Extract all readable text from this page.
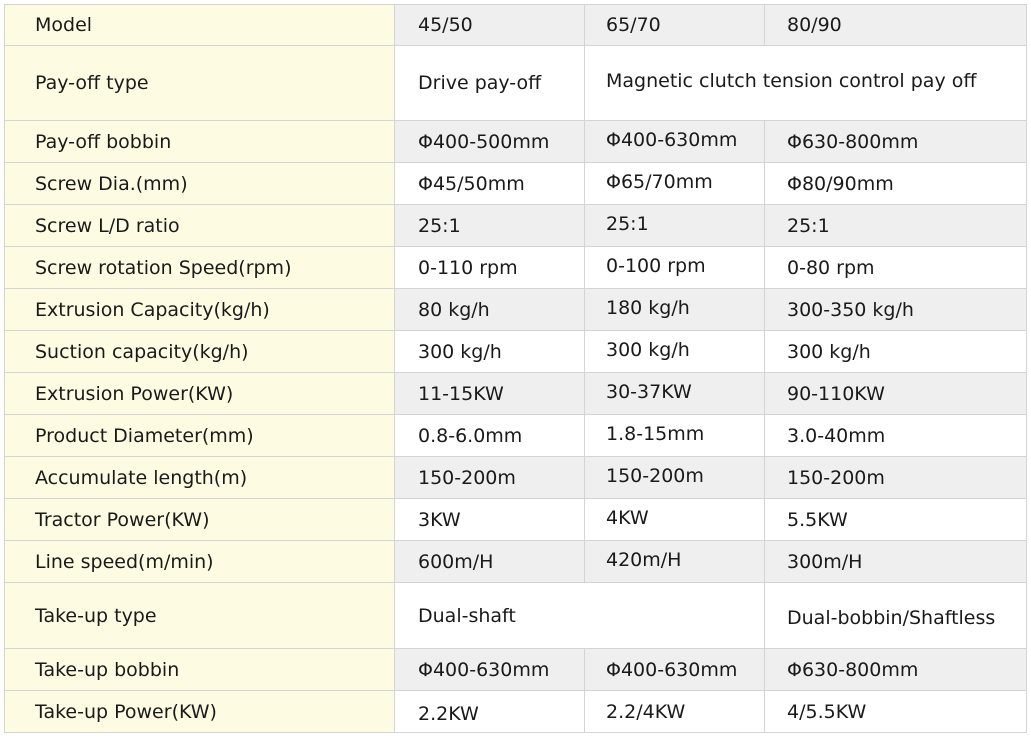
Model	45/50	65/70	80/90
Pay-off type	Drive pay-off	Magnetic clutch tension control pay off	
Pay-off bobbin	Φ400-500mm	Φ400-630mm	Φ630-800mm
Screw Dia.(mm)	Φ45/50mm	Φ65/70mm	Φ80/90mm
Screw L/D ratio	25:1	25:1	25:1
Screw rotation Speed(rpm)	0-110 rpm	0-100 rpm	0-80 rpm
Extrusion Capacity(kg/h)	80 kg/h	180 kg/h	300-350 kg/h
Suction capacity(kg/h)	300 kg/h	300 kg/h	300 kg/h
Extrusion Power(KW)	11-15KW	30-37KW	90-110KW
Product Diameter(mm)	0.8-6.0mm	1.8-15mm	3.0-40mm
Accumulate length(m)	150-200m	150-200m	150-200m
Tractor Power(KW)	3KW	4KW	5.5KW
Line speed(m/min)	600m/H	420m/H	300m/H
Take-up type	Dual-shaft		Dual-bobbin/Shaftless
Take-up bobbin	Φ400-630mm	Φ400-630mm	Φ630-800mm
Take-up Power(KW)	2.2KW	2.2/4KW	4/5.5KW
